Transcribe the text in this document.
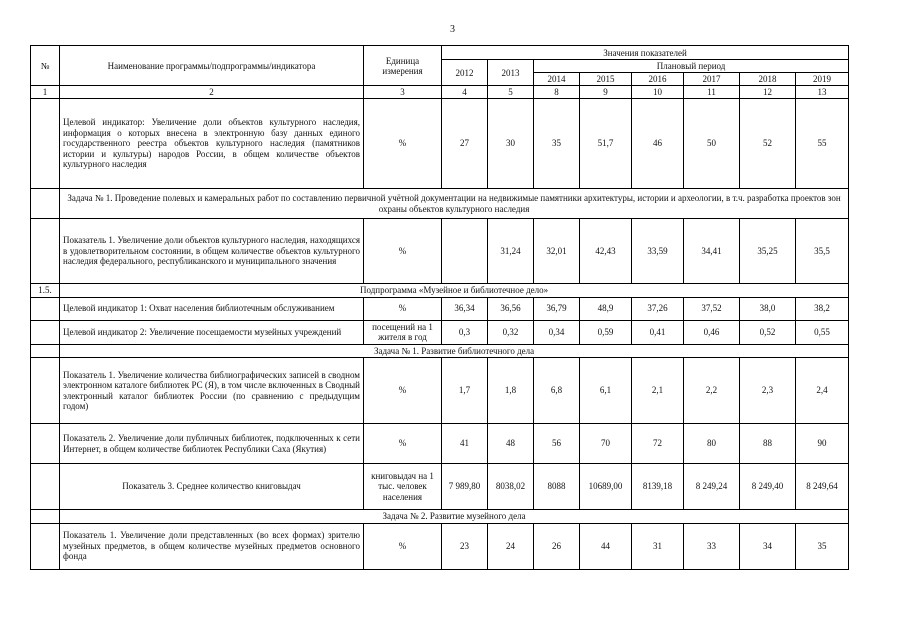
3
№	Наименование программы/подпрограммы/индикатора	Единица измерения	Значения показателей							
			2012	2013	Плановый период					
					2014	2015	2016	2017	2018	2019
1	2	3	4	5	8	9	10	11	12	13
	Целевой индикатор: Увеличение доли объектов культурного наследия, информация о которых внесена в электронную базу данных единого государственного реестра объектов культурного наследия (памятников истории и культуры) народов России, в общем количестве объектов культурного наследия	%	27	30	35	51,7	46	50	52	55
	Задача № 1. Проведение полевых и камеральных работ по составлению первичной учётной документации на недвижимые памятники архитектуры, истории и археологии, в т.ч. разработка проектов зон охраны объектов культурного наследия									
	Показатель 1. Увеличение доли объектов культурного наследия, находящихся в удовлетворительном состоянии, в общем количестве объектов культурного наследия федерального, республиканского и муниципального значения	%		31,24	32,01	42,43	33,59	34,41	35,25	35,5
1.5.	Подпрограмма «Музейное и библиотечное дело»									
	Целевой индикатор 1: Охват населения библиотечным обслуживанием	%	36,34	36,56	36,79	48,9	37,26	37,52	38,0	38,2
	Целевой индикатор 2: Увеличение посещаемости музейных учреждений	посещений на 1 жителя в год	0,3	0,32	0,34	0,59	0,41	0,46	0,52	0,55
	Задача № 1. Развитие библиотечного дела									
	Показатель 1. Увеличение количества библиографических записей в сводном электронном каталоге библиотек РС (Я), в том числе включенных в Сводный электронный каталог библиотек России (по сравнению с предыдущим годом)	%	1,7	1,8	6,8	6,1	2,1	2,2	2,3	2,4
	Показатель 2. Увеличение доли публичных библиотек, подключенных к сети Интернет, в общем количестве библиотек Республики Саха (Якутия)	%	41	48	56	70	72	80	88	90
	Показатель 3. Среднее количество книговыдач	книговыдач на 1 тыс. человек населения	7 989,80	8038,02	8088	10689,00	8139,18	8 249,24	8 249,40	8 249,64
	Задача № 2. Развитие музейного дела									
	Показатель 1. Увеличение доли представленных (во всех формах) зрителю музейных предметов, в общем количестве музейных предметов основного фонда	%	23	24	26	44	31	33	34	35
